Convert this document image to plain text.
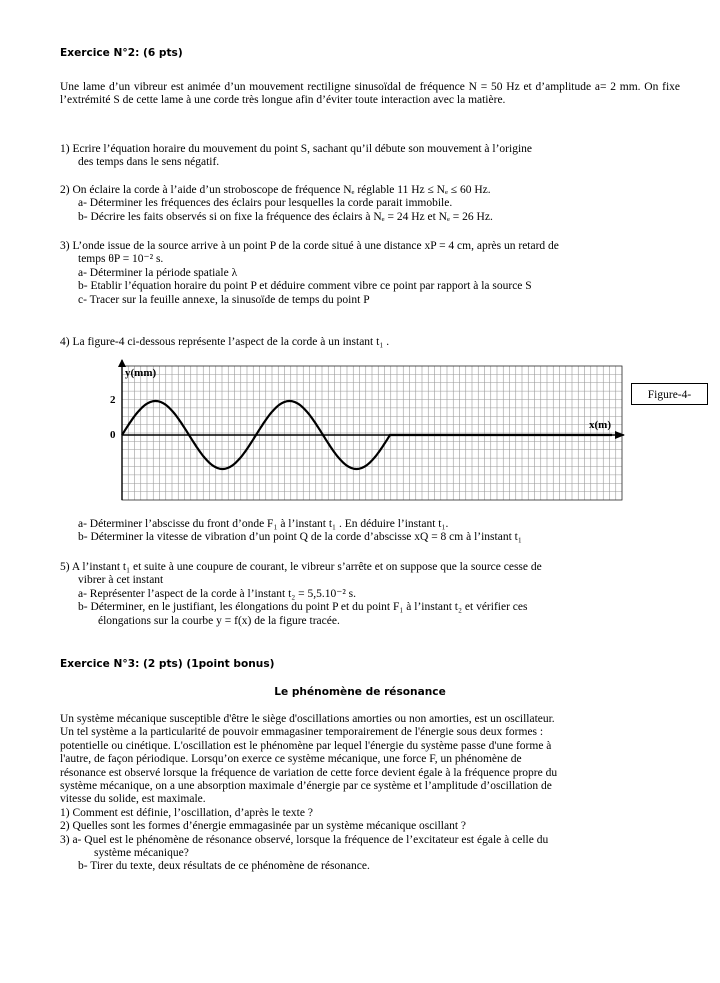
Exercice N°2: (6 pts)

Une lame d’un vibreur est animée d’un mouvement rectiligne sinusoïdal de fréquence N = 50 Hz et d’amplitude a= 2 mm. On fixe l’extrémité S de cette lame à une corde très longue afin d’éviter toute interaction avec la matière.

1) Ecrire l’équation horaire du mouvement du point S, sachant qu’il débute son mouvement à l’origine

des temps dans le sens négatif.

2) On éclaire la corde à l’aide d’un stroboscope de fréquence Nₑ réglable 11 Hz ≤ Nₑ ≤ 60 Hz.

a- Déterminer les fréquences des éclairs pour lesquelles la corde parait immobile.

b- Décrire les faits observés si on fixe la fréquence des éclairs à Nₑ = 24 Hz et Nₑ = 26 Hz.

3) L’onde issue de la source arrive à un point P de la corde situé à une distance xP = 4 cm, après un retard de

temps θP = 10⁻² s.

a- Déterminer la période spatiale λ

b- Etablir l’équation horaire du point P et déduire comment vibre ce point par rapport à la source S

c- Tracer sur la feuille annexe, la sinusoïde de temps du point P

4) La figure-4 ci-dessous représente l’aspect de la corde à un instant t₁ .

y(mm)
x(m)
2
0
Figure-4-

a- Déterminer l’abscisse du front d’onde F₁ à l’instant t₁ . En déduire l’instant t₁.

b- Déterminer la vitesse de vibration d’un point Q de la corde d’abscisse xQ = 8 cm à l’instant t₁

5) A l’instant t₁ et suite à une coupure de courant, le vibreur s’arrête et on suppose que la source cesse de

vibrer à cet instant

a- Représenter l’aspect de la corde à l’instant t₂ = 5,5.10⁻² s.

b- Déterminer, en le justifiant, les élongations du point P et du point F₁ à l’instant t₂ et vérifier ces

élongations sur la courbe y = f(x) de la figure tracée.

Exercice N°3: (2 pts) (1point bonus)
Le phénomène de résonance

Un système mécanique susceptible d'être le siège d'oscillations amorties ou non amorties, est un oscillateur.

Un tel système a la particularité de pouvoir emmagasiner temporairement de l'énergie sous deux formes :

potentielle ou cinétique. L'oscillation est le phénomène par lequel l'énergie du système passe d'une forme à

l'autre, de façon périodique. Lorsqu’on exerce ce système mécanique, une force F, un phénomène de

résonance est observé lorsque la fréquence de variation de cette force devient égale à la fréquence propre du

système mécanique, on a une absorption maximale d’énergie par ce système et l’amplitude d’oscillation de

vitesse du solide, est maximale.

1) Comment est définie, l’oscillation, d’après le texte ?

2) Quelles sont les formes d’énergie emmagasinée par un système mécanique oscillant ?

3) a- Quel est le phénomène de résonance observé, lorsque la fréquence de l’excitateur est égale à celle du

système mécanique?

b- Tirer du texte, deux résultats de ce phénomène de résonance.
